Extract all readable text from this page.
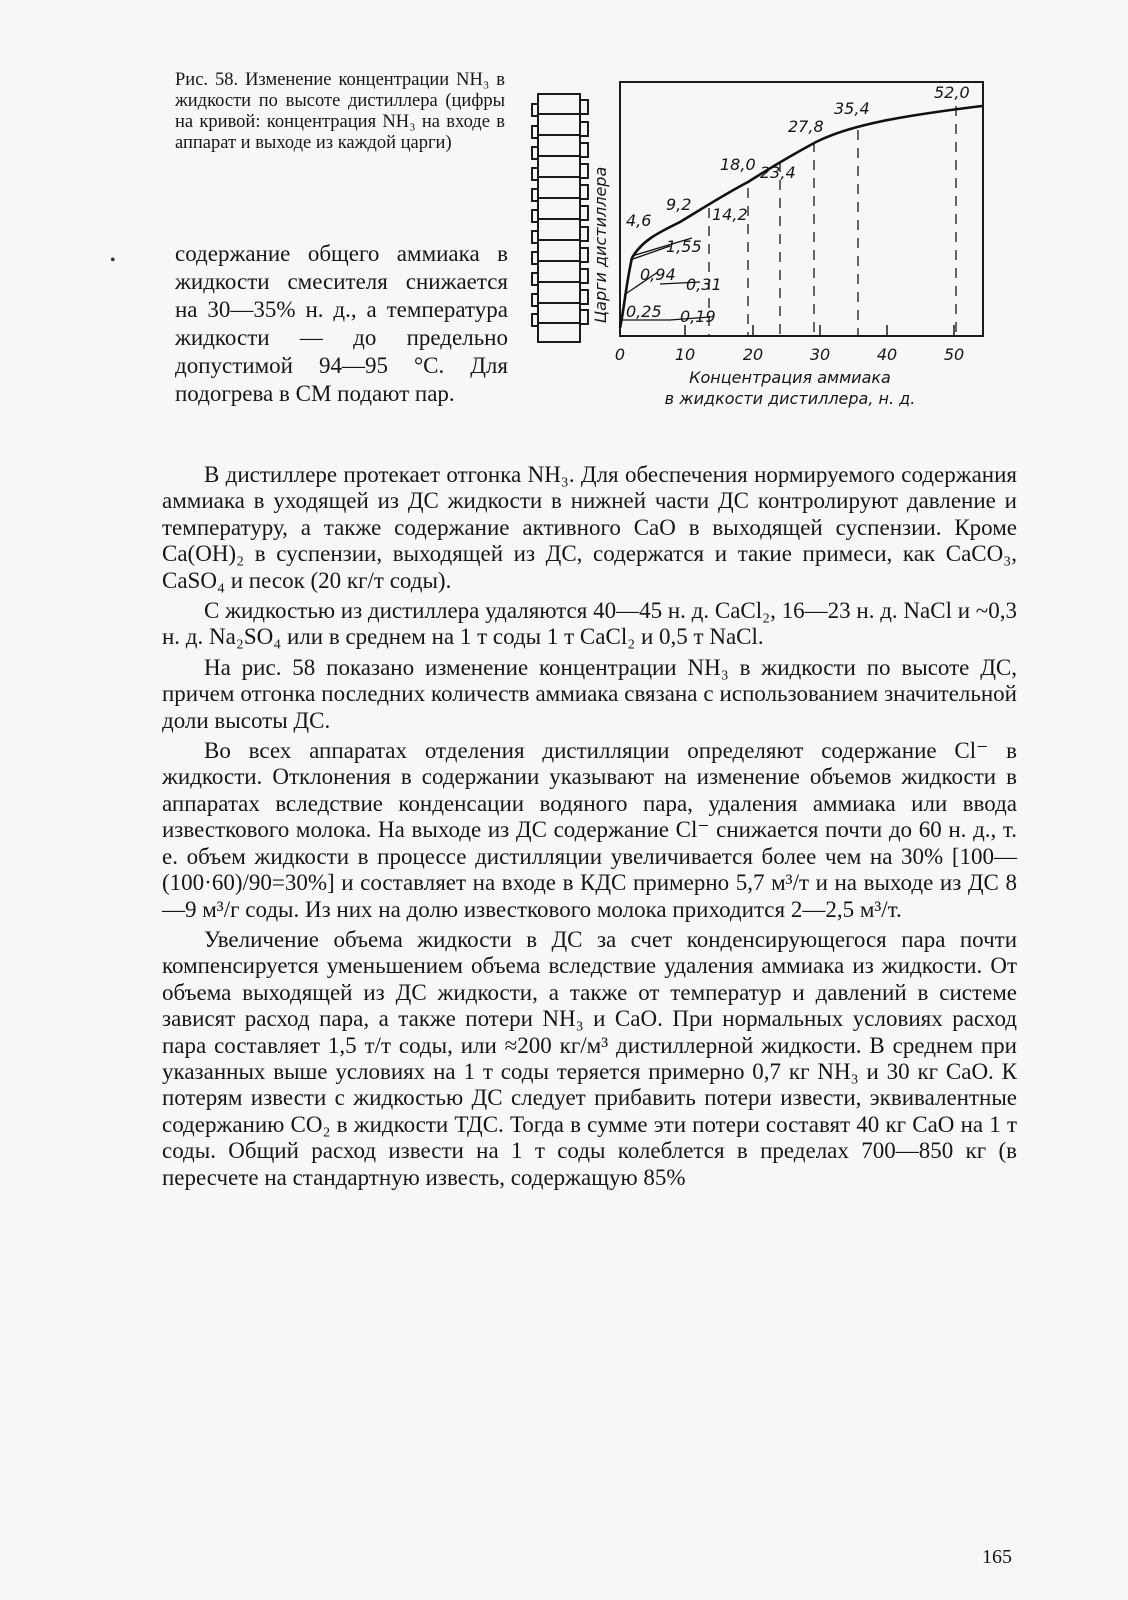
Рис. 58. Изменение концентрации NH₃ в жидкости по высоте дистиллера (цифры на кривой: концентрация NH₃ на входе в аппарат и выходе из каждой царги)
Царги дистиллера 0,25
0,94
1,55
4,6
9,2
18,0
27,8
35,4
52,0
0,19
0,31
14,2
23,4
0	10	20	30	40	50
Концентрация аммиака
в жидкости дистиллера, н. д.
•	содержание общего аммиака в жидкости смесителя снижается на 30—35% н. д., а температура жидкости — до предельно допустимой 94—95 °С. Для подогрева в СМ подают пар.

В дистиллере протекает отгонка NH₃. Для обеспечения нормируемого содержания аммиака в уходящей из ДС жидкости в нижней части ДС контролируют давление и температуру, а также содержание активного CaO в выходящей суспензии. Кроме Ca(OH)₂ в суспензии, выходящей из ДС, содержатся и такие примеси, как CaCO₃, CaSO₄ и песок (20 кг/т соды).

С жидкостью из дистиллера удаляются 40—45 н. д. CaCl₂, 16—23 н. д. NaCl и ~0,3 н. д. Na₂SO₄ или в среднем на 1 т соды 1 т CaCl₂ и 0,5 т NaCl.

На рис. 58 показано изменение концентрации NH₃ в жидкости по высоте ДС, причем отгонка последних количеств аммиака связана с использованием значительной доли высоты ДС.

Во всех аппаратах отделения дистилляции определяют содержание Cl⁻ в жидкости. Отклонения в содержании указывают на изменение объемов жидкости в аппаратах вследствие конденсации водяного пара, удаления аммиака или ввода известкового молока. На выходе из ДС содержание Cl⁻ снижается почти до 60 н. д., т. е. объем жидкости в процессе дистилляции увеличивается более чем на 30% [100—(100·60)/90=30%] и составляет на входе в КДС примерно 5,7 м³/т и на выходе из ДС 8—9 м³/г соды. Из них на долю известкового молока приходится 2—2,5 м³/т.

Увеличение объема жидкости в ДС за счет конденсирующегося пара почти компенсируется уменьшением объема вследствие удаления аммиака из жидкости. От объема выходящей из ДС жидкости, а также от температур и давлений в системе зависят расход пара, а также потери NH₃ и CaO. При нормальных условиях расход пара составляет 1,5 т/т соды, или ≈200 кг/м³ дистиллерной жидкости. В среднем при указанных выше условиях на 1 т соды теряется примерно 0,7 кг NH₃ и 30 кг CaO. К потерям извести с жидкостью ДС следует прибавить потери извести, эквивалентные содержанию CO₂ в жидкости ТДС. Тогда в сумме эти потери составят 40 кг CaO на 1 т соды. Общий расход извести на 1 т соды колеблется в пределах 700—850 кг (в пересчете на стандартную известь, содержащую 85%

165
